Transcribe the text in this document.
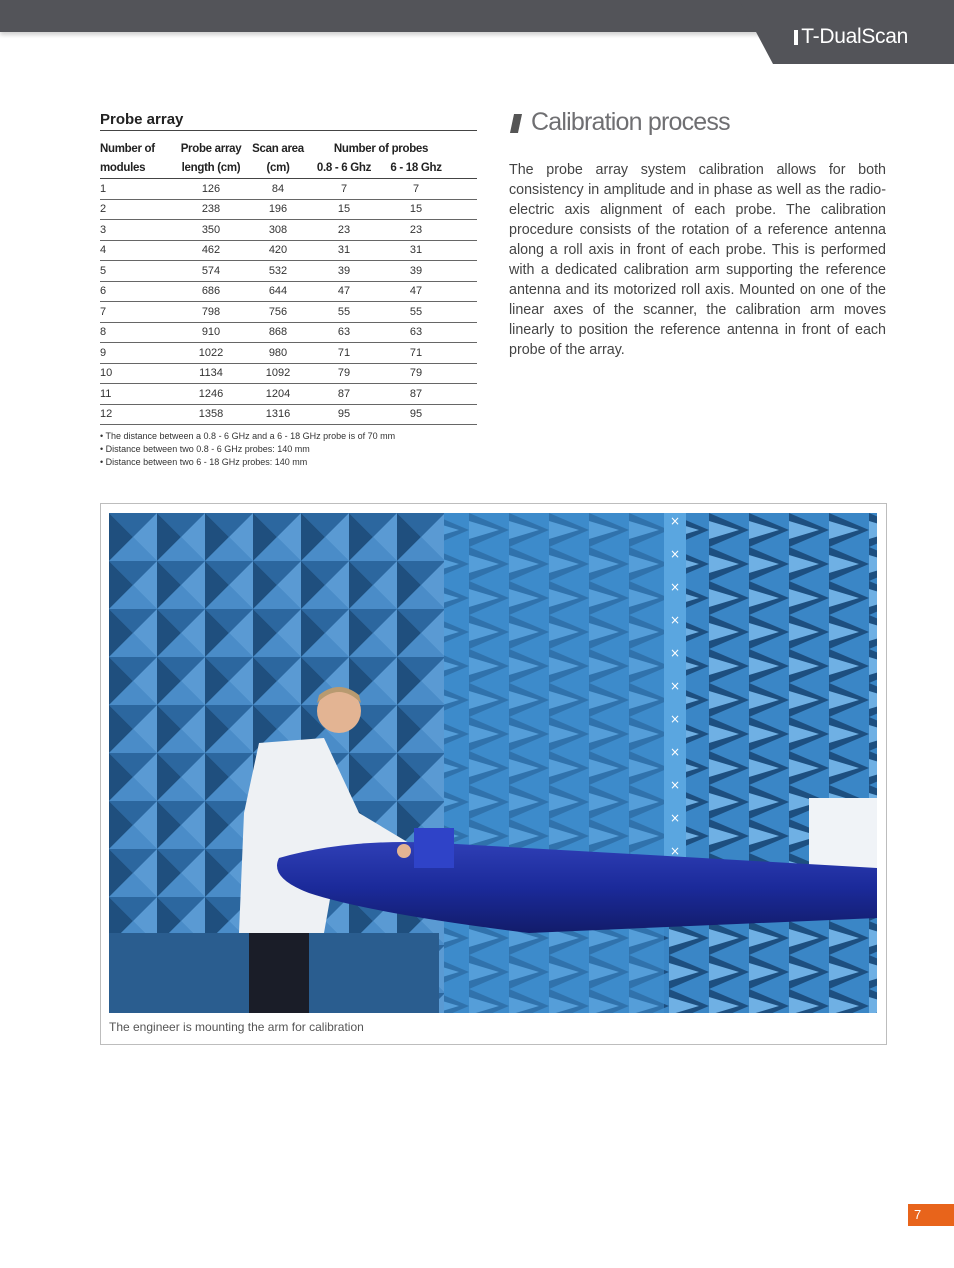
T-DualScan
Probe array
Number of	Probe array	Scan area	Number of probes		
modules	length (cm)	(cm)	0.8 - 6 Ghz	6 - 18 Ghz	
1	126	84	7	7	
2	238	196	15	15	
3	350	308	23	23	
4	462	420	31	31	
5	574	532	39	39	
6	686	644	47	47	
7	798	756	55	55	
8	910	868	63	63	
9	1022	980	71	71	
10	1134	1092	79	79	
11	1246	1204	87	87	
12	1358	1316	95	95	
• The distance between a 0.8 - 6 GHz and a 6 - 18 GHz probe is of 70 mm
• Distance between two 0.8 - 6 GHz probes: 140 mm
• Distance between two 6 - 18 GHz probes: 140 mm
Calibration process
The probe array system calibration allows for both consistency in amplitude and in phase as well as the radio-electric axis alignment of each probe. The calibration procedure consists of the rotation of a reference antenna along a roll axis in front of each probe. This is performed with a dedicated calibration arm supporting the reference antenna and its motorized roll axis. Mounted on one of the linear axes of the scanner, the calibration arm moves linearly to position the reference antenna in front of each probe of the array.
×
×
×
×
×
×
×
×
×
×
×
The engineer is mounting the arm for calibration
7
